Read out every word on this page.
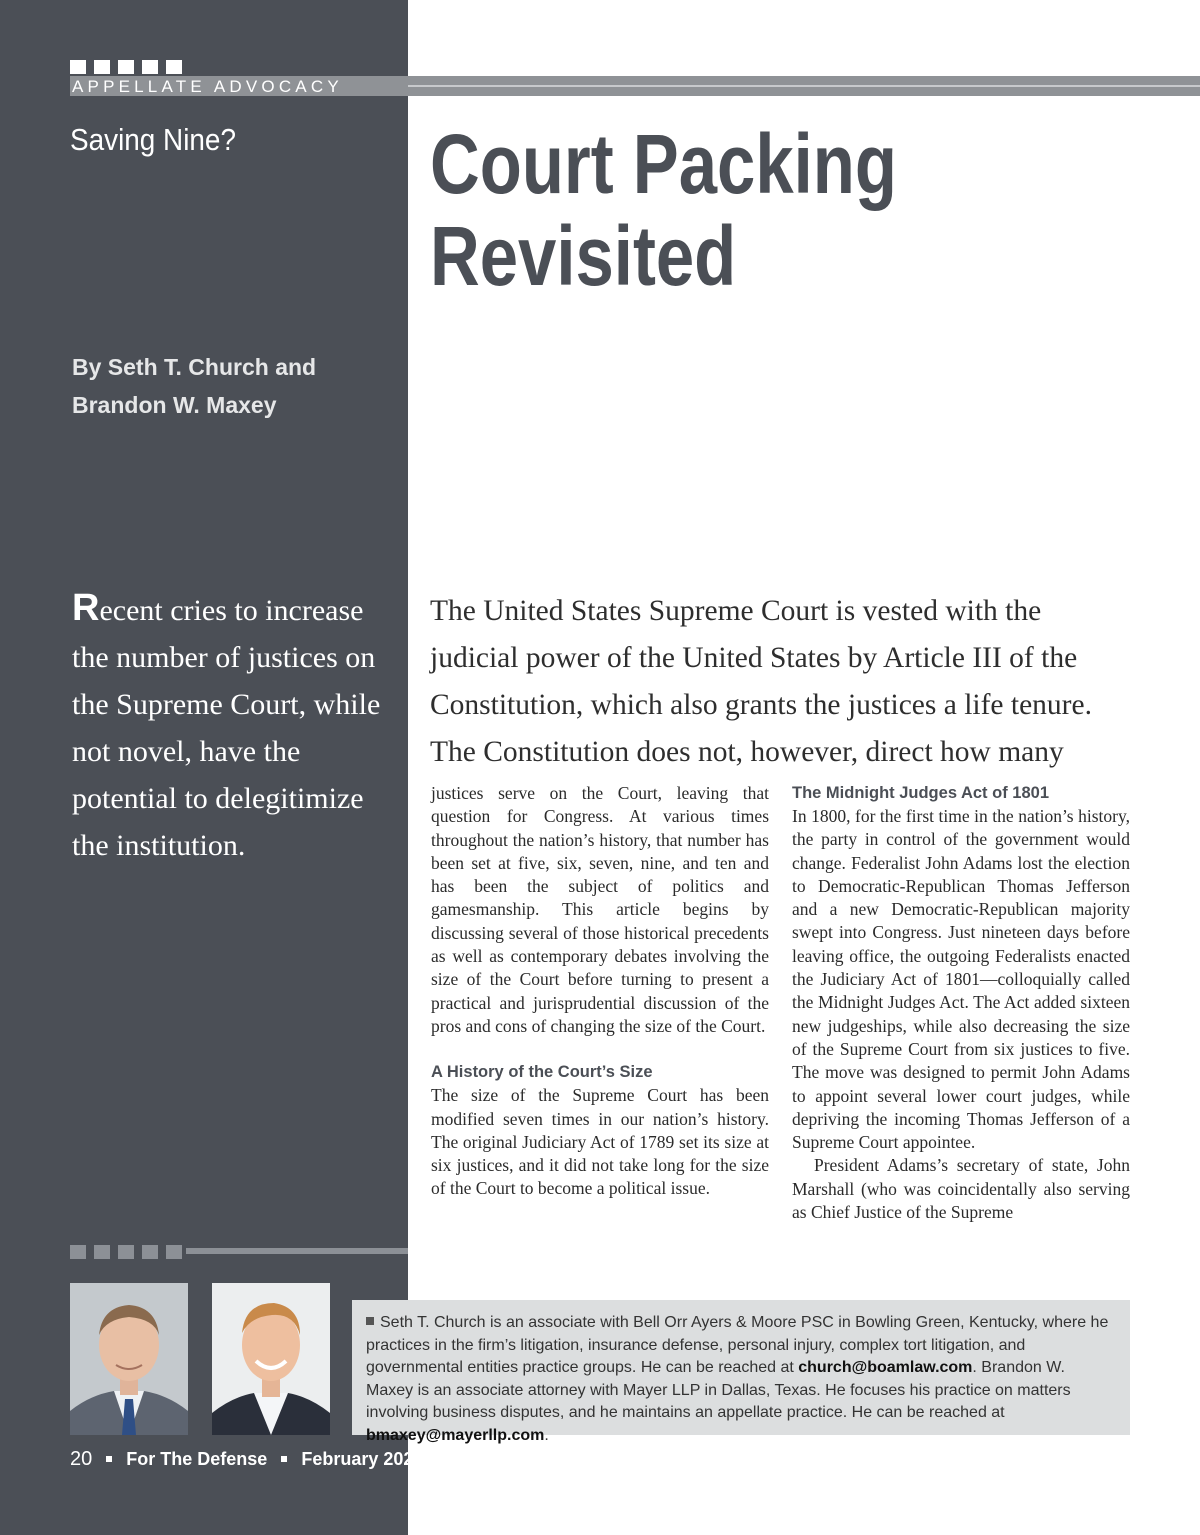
APPELLATE ADVOCACY
Saving Nine? Court Packing
Revisited
By Seth T. Church and
Brandon W. Maxey
Recent cries to increase the number of justices on the Supreme Court, while not novel, have the potential to delegitimize the institution.
The United States Supreme Court is vested with the
judicial power of the United States by Article III of the
Constitution, which also grants the justices a life tenure.
The Constitution does not, however, direct how many

justices serve on the Court, leaving that question for Congress. At various times throughout the nation’s history, that number has been set at five, six, seven, nine, and ten and has been the subject of politics and gamesmanship. This article begins by discussing several of those historical precedents as well as contemporary debates involving the size of the Court before turning to present a practical and jurisprudential discussion of the pros and cons of changing the size of the Court.

A History of the Court’s Size

The size of the Supreme Court has been modified seven times in our nation’s history. The original Judiciary Act of 1789 set its size at six justices, and it did not take long for the size of the Court to become a political issue.

The Midnight Judges Act of 1801

In 1800, for the first time in the nation’s history, the party in control of the government would change. Federalist John Adams lost the election to Democratic-Republican Thomas Jefferson and a new Democratic-Republican majority swept into Congress. Just nineteen days before leaving office, the outgoing Federalists enacted the Judiciary Act of 1801—colloquially called the Midnight Judges Act. The Act added sixteen new judgeships, while also decreasing the size of the Supreme Court from six justices to five. The move was designed to permit John Adams to appoint several lower court judges, while depriving the incoming Thomas Jefferson of a Supreme Court appointee.

President Adams’s secretary of state, John Marshall (who was coincidentally also serving as Chief Justice of the Supreme

Seth T. Church is an associate with Bell Orr Ayers & Moore PSC in Bowling Green, Kentucky, where he practices in the firm’s litigation, insurance defense, personal injury, complex tort litigation, and governmental entities practice groups. He can be reached at church@boamlaw.com. Brandon W. Maxey is an associate attorney with Mayer LLP in Dallas, Texas. He focuses his practice on matters involving business disputes, and he maintains an appellate practice. He can be reached at bmaxey@mayerllp.com.
20 For The Defense February 2021
